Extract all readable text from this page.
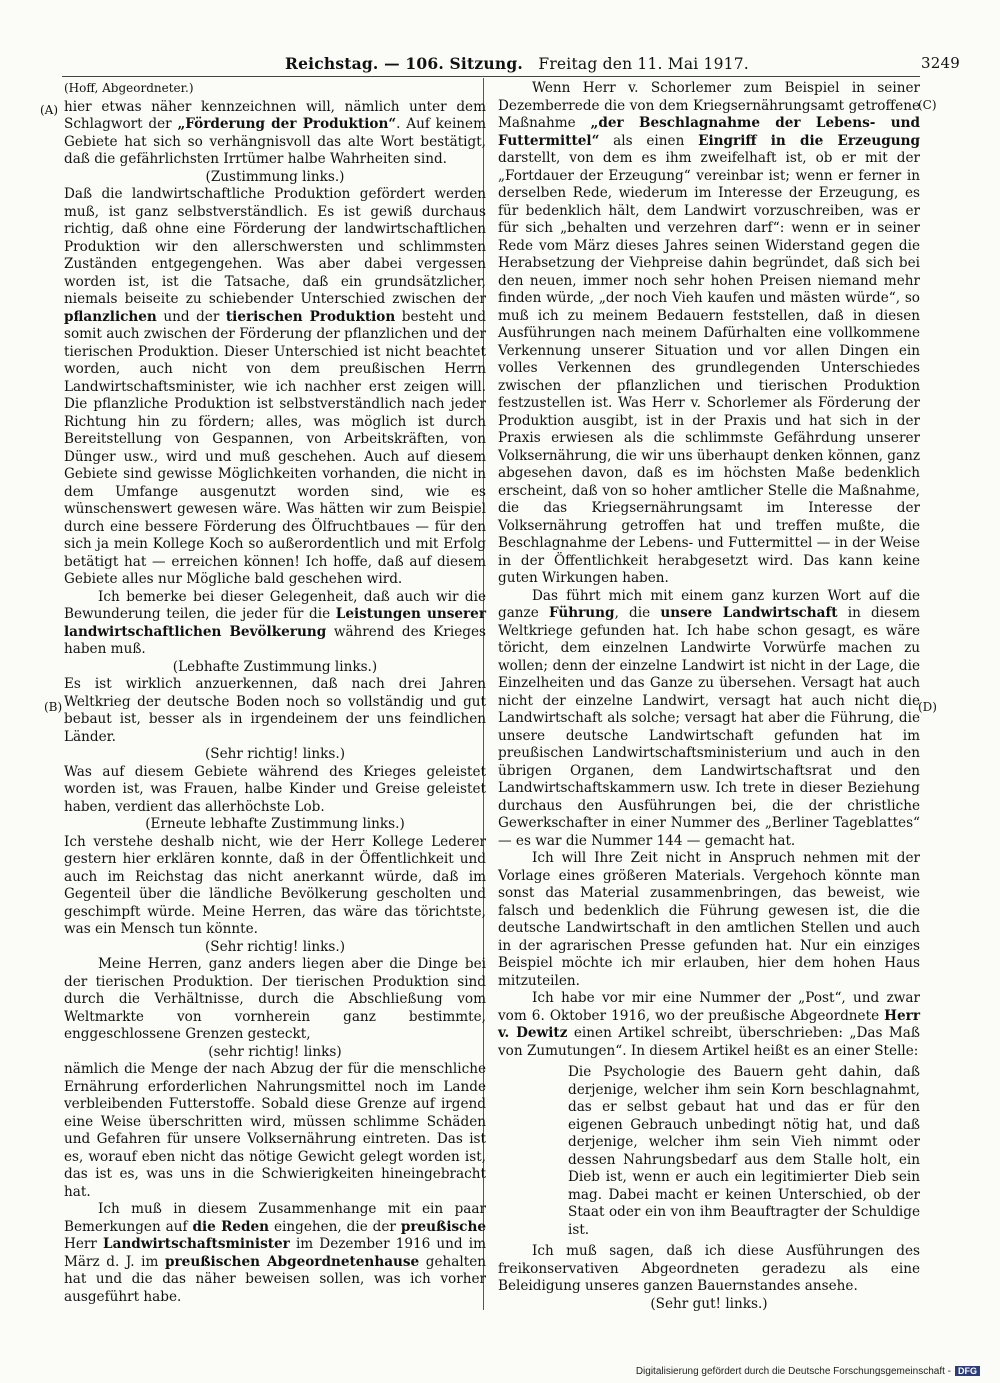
Reichstag. — 106. Sitzung. Freitag den 11. Mai 1917.	3249
(A)
(B)
(C)
(D)

(Hoff, Abgeordneter.)

hier etwas näher kennzeichnen will, nämlich unter dem Schlagwort der „Förderung der Produktion“. Auf keinem Gebiete hat sich so verhängnisvoll das alte Wort bestätigt, daß die gefährlichsten Irrtümer halbe Wahrheiten sind.

(Zustimmung links.)

Daß die landwirtschaftliche Produktion gefördert werden muß, ist ganz selbstverständlich. Es ist gewiß durchaus richtig, daß ohne eine Förderung der landwirtschaftlichen Produktion wir den allerschwersten und schlimmsten Zuständen entgegengehen. Was aber dabei vergessen worden ist, ist die Tatsache, daß ein grundsätzlicher, niemals beiseite zu schiebender Unterschied zwischen der pflanzlichen und der tierischen Produktion besteht und somit auch zwischen der Förderung der pflanzlichen und der tierischen Produktion. Dieser Unterschied ist nicht beachtet worden, auch nicht von dem preußischen Herrn Landwirtschaftsminister, wie ich nachher erst zeigen will. Die pflanzliche Produktion ist selbstverständlich nach jeder Richtung hin zu fördern; alles, was möglich ist durch Bereitstellung von Gespannen, von Arbeitskräften, von Dünger usw., wird und muß geschehen. Auch auf diesem Gebiete sind gewisse Möglichkeiten vorhanden, die nicht in dem Umfange ausgenutzt worden sind, wie es wünschenswert gewesen wäre. Was hätten wir zum Beispiel durch eine bessere Förderung des Ölfruchtbaues — für den sich ja mein Kollege Koch so außerordentlich und mit Erfolg betätigt hat — erreichen können! Ich hoffe, daß auf diesem Gebiete alles nur Mögliche bald geschehen wird.

Ich bemerke bei dieser Gelegenheit, daß auch wir die Bewunderung teilen, die jeder für die Leistungen unserer landwirtschaftlichen Bevölkerung während des Krieges haben muß.

(Lebhafte Zustimmung links.)

Es ist wirklich anzuerkennen, daß nach drei Jahren Weltkrieg der deutsche Boden noch so vollständig und gut bebaut ist, besser als in irgendeinem der uns feindlichen Länder.

(Sehr richtig! links.)

Was auf diesem Gebiete während des Krieges geleistet worden ist, was Frauen, halbe Kinder und Greise geleistet haben, verdient das allerhöchste Lob.

(Erneute lebhafte Zustimmung links.)

Ich verstehe deshalb nicht, wie der Herr Kollege Lederer gestern hier erklären konnte, daß in der Öffentlichkeit und auch im Reichstag das nicht anerkannt würde, daß im Gegenteil über die ländliche Bevölkerung gescholten und geschimpft würde. Meine Herren, das wäre das törichtste, was ein Mensch tun könnte.

(Sehr richtig! links.)

Meine Herren, ganz anders liegen aber die Dinge bei der tierischen Produktion. Der tierischen Produktion sind durch die Verhältnisse, durch die Abschließung vom Weltmarkte von vornherein ganz bestimmte, enggeschlossene Grenzen gesteckt,

(sehr richtig! links)

nämlich die Menge der nach Abzug der für die menschliche Ernährung erforderlichen Nahrungsmittel noch im Lande verbleibenden Futterstoffe. Sobald diese Grenze auf irgend eine Weise überschritten wird, müssen schlimme Schäden und Gefahren für unsere Volksernährung eintreten. Das ist es, worauf eben nicht das nötige Gewicht gelegt worden ist, das ist es, was uns in die Schwierigkeiten hineingebracht hat.

Ich muß in diesem Zusammenhange mit ein paar Bemerkungen auf die Reden eingehen, die der preußische Herr Landwirtschaftsminister im Dezember 1916 und im März d. J. im preußischen Abgeordnetenhause gehalten hat und die das näher beweisen sollen, was ich vorher ausgeführt habe.

Wenn Herr v. Schorlemer zum Beispiel in seiner Dezemberrede die von dem Kriegsernährungsamt getroffene Maßnahme „der Beschlagnahme der Lebens- und Futtermittel“ als einen Eingriff in die Erzeugung darstellt, von dem es ihm zweifelhaft ist, ob er mit der „Fortdauer der Erzeugung“ vereinbar ist; wenn er ferner in derselben Rede, wiederum im Interesse der Erzeugung, es für bedenklich hält, dem Landwirt vorzuschreiben, was er für sich „behalten und verzehren darf“: wenn er in seiner Rede vom März dieses Jahres seinen Widerstand gegen die Herabsetzung der Viehpreise dahin begründet, daß sich bei den neuen, immer noch sehr hohen Preisen niemand mehr finden würde, „der noch Vieh kaufen und mästen würde“, so muß ich zu meinem Bedauern feststellen, daß in diesen Ausführungen nach meinem Dafürhalten eine vollkommene Verkennung unserer Situation und vor allen Dingen ein volles Verkennen des grundlegenden Unterschiedes zwischen der pflanzlichen und tierischen Produktion festzustellen ist. Was Herr v. Schorlemer als Förderung der Produktion ausgibt, ist in der Praxis und hat sich in der Praxis erwiesen als die schlimmste Gefährdung unserer Volksernährung, die wir uns überhaupt denken können, ganz abgesehen davon, daß es im höchsten Maße bedenklich erscheint, daß von so hoher amtlicher Stelle die Maßnahme, die das Kriegsernährungsamt im Interesse der Volksernährung getroffen hat und treffen mußte, die Beschlagnahme der Lebens- und Futtermittel — in der Weise in der Öffentlichkeit herabgesetzt wird. Das kann keine guten Wirkungen haben.

Das führt mich mit einem ganz kurzen Wort auf die ganze Führung, die unsere Landwirtschaft in diesem Weltkriege gefunden hat. Ich habe schon gesagt, es wäre töricht, dem einzelnen Landwirte Vorwürfe machen zu wollen; denn der einzelne Landwirt ist nicht in der Lage, die Einzelheiten und das Ganze zu übersehen. Versagt hat auch nicht der einzelne Landwirt, versagt hat auch nicht die Landwirtschaft als solche; versagt hat aber die Führung, die unsere deutsche Landwirtschaft gefunden hat im preußischen Landwirtschaftsministerium und auch in den übrigen Organen, dem Landwirtschaftsrat und den Landwirtschaftskammern usw. Ich trete in dieser Beziehung durchaus den Ausführungen bei, die der christliche Gewerkschafter in einer Nummer des „Berliner Tageblattes“ — es war die Nummer 144 — gemacht hat.

Ich will Ihre Zeit nicht in Anspruch nehmen mit der Vorlage eines größeren Materials. Vergehoch könnte man sonst das Material zusammenbringen, das beweist, wie falsch und bedenklich die Führung gewesen ist, die die deutsche Landwirtschaft in den amtlichen Stellen und auch in der agrarischen Presse gefunden hat. Nur ein einziges Beispiel möchte ich mir erlauben, hier dem hohen Haus mitzuteilen.

Ich habe vor mir eine Nummer der „Post“, und zwar vom 6. Oktober 1916, wo der preußische Abgeordnete Herr v. Dewitz einen Artikel schreibt, überschrieben: „Das Maß von Zumutungen“. In diesem Artikel heißt es an einer Stelle:

Die Psychologie des Bauern geht dahin, daß derjenige, welcher ihm sein Korn beschlagnahmt, das er selbst gebaut hat und das er für den eigenen Gebrauch unbedingt nötig hat, und daß derjenige, welcher ihm sein Vieh nimmt oder dessen Nahrungsbedarf aus dem Stalle holt, ein Dieb ist, wenn er auch ein legitimierter Dieb sein mag. Dabei macht er keinen Unterschied, ob der Staat oder ein von ihm Beauftragter der Schuldige ist.

Ich muß sagen, daß ich diese Ausführungen des freikonservativen Abgeordneten geradezu als eine Beleidigung unseres ganzen Bauernstandes ansehe.

(Sehr gut! links.)

Digitalisierung gefördert durch die Deutsche Forschungsgemeinschaft - DFG
